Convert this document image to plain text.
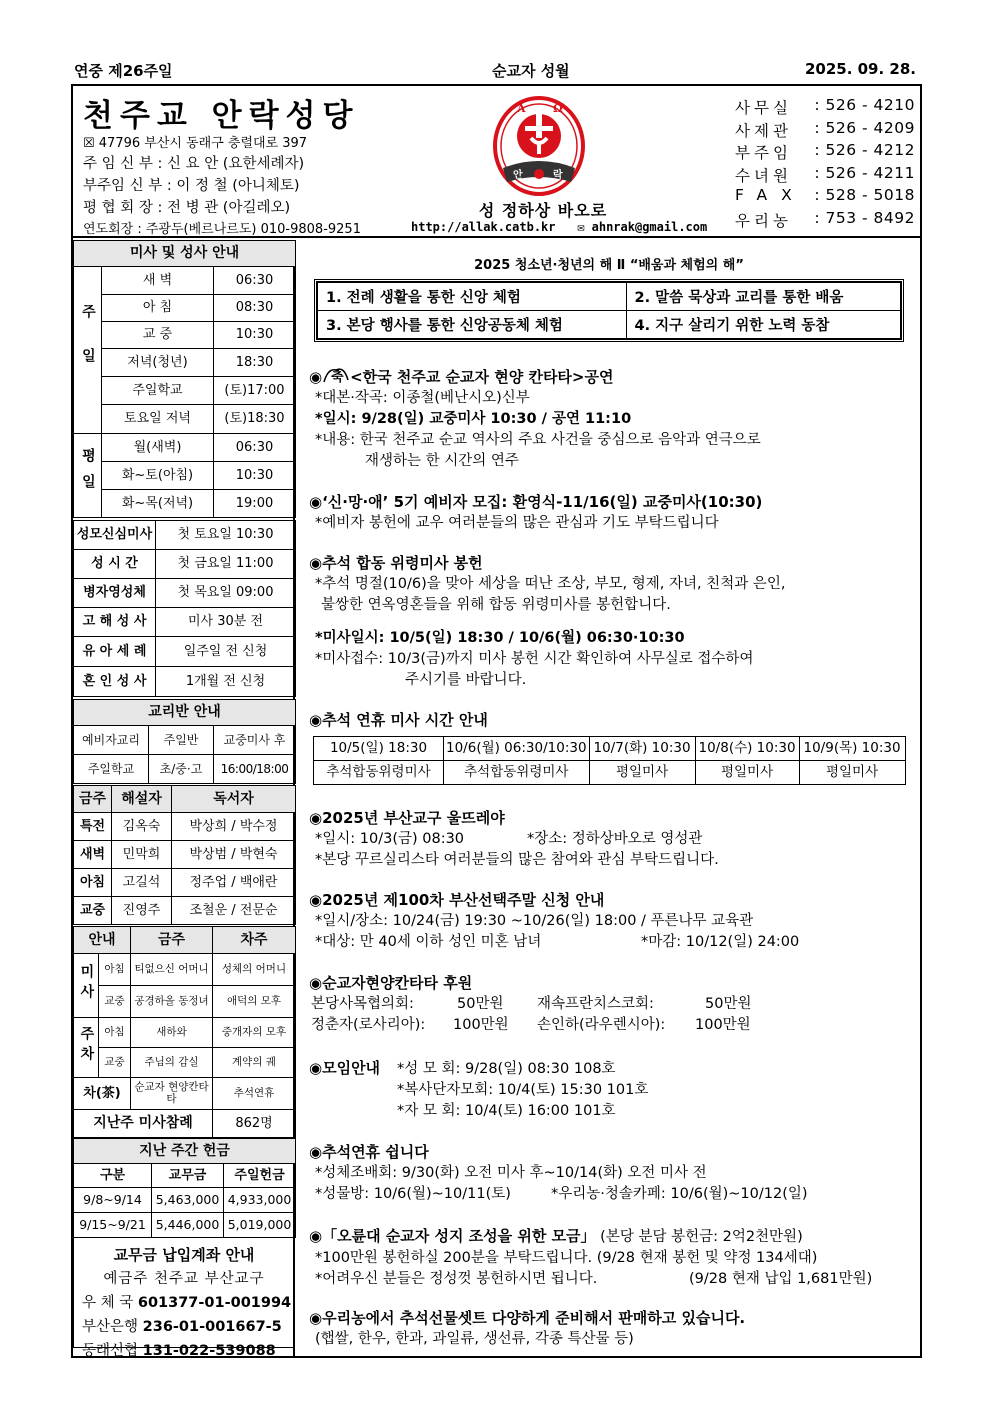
연중 제26주일	순교자 성월	2025. 09. 28.
천주교 안락성당
☒ 47796 부산시 동래구 충렬대로 397
주 임 신 부 : 신 요 안 (요한세례자)
부주임 신 부 : 이 정 철 (아니체토)
평 협 회 장 : 전 병 관 (아길레오)
연도회장 : 주광두(베르나르도) 010-9808-9251
A Ω
안	락
성 정하상 바오로
http://allak.catb.kr ✉ ahnrak@gmail.com
사무실	: 526 - 4210
사제관	: 526 - 4209
부주임	: 526 - 4212
수녀원	: 526 - 4211
FAX : 528 - 5018
우리농	: 753 - 8492
미사 및 성사 안내		
주일	새 벽	06:30
	아 침	08:30
	교 중	10:30
	저녁(청년)	18:30
	주일학교	(토)17:00
	토요일 저녁	(토)18:30
평일	월(새벽)	06:30
	화~토(아침)	10:30
	화~목(저녁)	19:00
성모신심미사	첫 토요일 10:30
성 시 간	첫 금요일 11:00
병자영성체	첫 목요일 09:00
고 해 성 사	미사 30분 전
유 아 세 례	일주일 전 신청
혼 인 성 사	1개월 전 신청
교리반 안내		
예비자교리	주일반	교중미사 후
주일학교	초/중·고	16:00/18:00
금주	해설자	독서자
특전	김옥숙	박상희 / 박수정
새벽	민막희	박상범 / 박현숙
아침	고길석	정주업 / 백애란
교중	진영주	조철운 / 전문순
안내		금주	차주
미사	아침	티없으신 어머니	성체의 어머니
	교중	공경하올 동정녀	애덕의 모후
주차	아침	새하와	중개자의 모후
	교중	주님의 감실	계약의 궤
차(茶)		순교자 현양칸타타	추석연휴
지난주 미사참례			862명
지난 주간 헌금		
구분	교무금	주일헌금
9/8~9/14	5,463,000	4,933,000
9/15~9/21	5,446,000	5,019,000
교무금 납입계좌 안내
예금주 천주교 부산교구
우 체 국 601377-01-001994
부산은행 236-01-001667-5
동래신협 131-022-539088
2025 청소년·청년의 해 Ⅱ “배움과 체험의 해”
1. 전례 생활을 통한 신앙 체험	2. 말씀 묵상과 교리를 통한 배움
3. 본당 행사를 통한 신앙공동체 체험	4. 지구 살리기 위한 노력 동참
◉ 축 <한국 천주교 순교자 현양 칸타타>공연
*대본·작곡: 이종철(베난시오)신부
*일시: 9/28(일) 교중미사 10:30 / 공연 11:10
*내용: 한국 천주교 순교 역사의 주요 사건을 중심으로 음악과 연극으로
재생하는 한 시간의 연주
◉‘신·망·애’ 5기 예비자 모집: 환영식-11/16(일) 교중미사(10:30)
*예비자 봉헌에 교우 여러분들의 많은 관심과 기도 부탁드립니다
◉추석 합동 위령미사 봉헌
*추석 명절(10/6)을 맞아 세상을 떠난 조상, 부모, 형제, 자녀, 친척과 은인,
불쌍한 연옥영혼들을 위해 합동 위령미사를 봉헌합니다.
*미사일시: 10/5(일) 18:30 / 10/6(월) 06:30·10:30
*미사접수: 10/3(금)까지 미사 봉헌 시간 확인하여 사무실로 접수하여
주시기를 바랍니다.
◉추석 연휴 미사 시간 안내
10/5(일) 18:30	10/6(월) 06:30/10:30	10/7(화) 10:30	10/8(수) 10:30	10/9(목) 10:30
추석합동위령미사	추석합동위령미사	평일미사	평일미사	평일미사
◉2025년 부산교구 울뜨레야
*일시: 10/3(금) 08:30	*장소: 정하상바오로 영성관
*본당 꾸르실리스타 여러분들의 많은 참여와 관심 부탁드립니다.
◉2025년 제100차 부산선택주말 신청 안내
*일시/장소: 10/24(금) 19:30 ~10/26(일) 18:00 / 푸른나무 교육관
*대상: 만 40세 이하 성인 미혼 남녀	*마감: 10/12(일) 24:00
◉순교자현양칸타타 후원
본당사목협의회:	50만원 재속프란치스코회:	50만원
정춘자(로사리아): 100만원 손인하(라우렌시아): 100만원
◉모임안내 *성 모 회: 9/28(일) 08:30 108호
*복사단자모회: 10/4(토) 15:30 101호
*자 모 회: 10/4(토) 16:00 101호
◉추석연휴 쉽니다
*성체조배회: 9/30(화) 오전 미사 후~10/14(화) 오전 미사 전
*성물방: 10/6(월)~10/11(토)	*우리농·청솔카페: 10/6(월)~10/12(일)
◉「오륜대 순교자 성지 조성을 위한 모금」 (본당 분담 봉헌금: 2억2천만원)
*100만원 봉헌하실 200분을 부탁드립니다. (9/28 현재 봉헌 및 약정 134세대)
*어려우신 분들은 정성껏 봉헌하시면 됩니다.	(9/28 현재 납입 1,681만원)
◉우리농에서 추석선물셋트 다양하게 준비해서 판매하고 있습니다.
(햅쌀, 한우, 한과, 과일류, 생선류, 각종 특산물 등)
